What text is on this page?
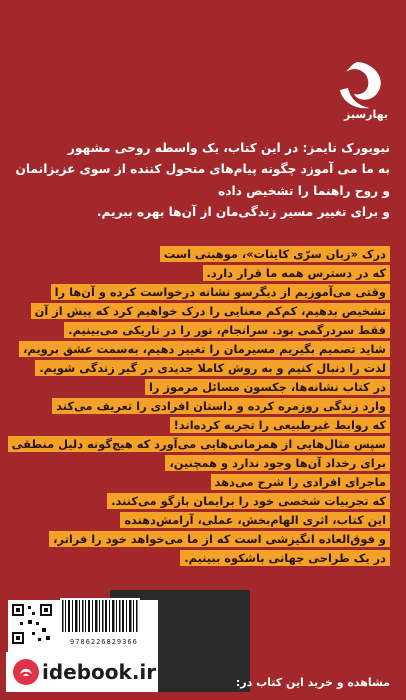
بهارسبز
نیویورک تایمز: در این کتاب، یک واسطه روحی مشهور
به ما می آموزد چگونه پیام‌های متحول کننده از سوی عزیزانمان
و روح راهنما را تشخیص داده
و برای تغییر مسیر زندگی‌مان از آن‌ها بهره ببریم.
درک «زبان سرّی کاینات»، موهبتی است
که در دسترس همه ما قرار دارد.
وقتی می‌آموزیم از دیگرسو نشانه درخواست کرده و آن‌ها را
تشخیص بدهیم، کم‌کم معنایی را درک خواهیم کرد که پیش از آن
فقط سردرگمی بود. سرانجام، نور را در تاریکی می‌بینیم.
شاید تصمیم بگیریم مسیرمان را تغییر دهیم، به‌سمت عشق برویم،
لذت را دنبال کنیم و به روش کاملا جدیدی در گیر زندگی شویم.
در کتاب نشانه‌ها، جکسون مسائل مرموز را
وارد زندگی روزمره کرده و داستان افرادی را تعریف می‌کند
که روابط غیرطبیعی را تجربه کرده‌اند!
سپس مثال‌هایی از همزمانی‌هایی می‌آورد که هیچ‌گونه دلیل منطقی
برای رخداد آن‌ها وجود ندارد و همچنین،
ماجرای افرادی را شرح می‌دهد
که تجربیات شخصی خود را برایمان بازگو می‌کنند.
این کتاب، اثری الهام‌بخش، عملی، آرامش‌دهنده
و فوق‌العاده انگیزشی است که از ما می‌خواهد خود را فراتر،
در یک طراحی جهانی باشکوه ببینیم.
9786226829366
idebook.ir	مشاهده و خرید این کتاب در:
